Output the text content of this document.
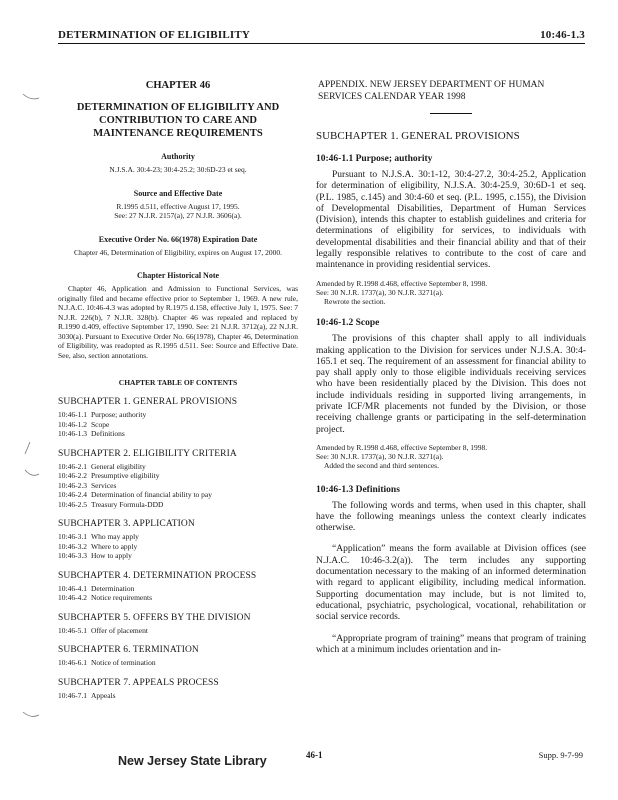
DETERMINATION OF ELIGIBILITY	10:46-1.3
CHAPTER 46
DETERMINATION OF ELIGIBILITY AND CONTRIBUTION TO CARE AND MAINTENANCE REQUIREMENTS
Authority
N.J.S.A. 30:4-23; 30:4-25.2; 30:6D-23 et seq.
Source and Effective Date
R.1995 d.511, effective August 17, 1995.
See: 27 N.J.R. 2157(a), 27 N.J.R. 3606(a).
Executive Order No. 66(1978) Expiration Date
Chapter 46, Determination of Eligibility, expires on August 17, 2000.
Chapter Historical Note
Chapter 46, Application and Admission to Functional Services, was originally filed and became effective prior to September 1, 1969. A new rule, N.J.A.C. 10:46-4.3 was adopted by R.1975 d.158, effective July 1, 1975. See: 7 N.J.R. 226(b), 7 N.J.R. 328(b). Chapter 46 was repealed and replaced by R.1990 d.409, effective September 17, 1990. See: 21 N.J.R. 3712(a), 22 N.J.R. 3030(a). Pursuant to Executive Order No. 66(1978), Chapter 46, Determination of Eligibility, was readopted as R.1995 d.511. See: Source and Effective Date. See, also, section annotations.
CHAPTER TABLE OF CONTENTS
SUBCHAPTER 1. GENERAL PROVISIONS
10:46-1.1 Purpose; authority
10:46-1.2 Scope
10:46-1.3 Definitions
SUBCHAPTER 2. ELIGIBILITY CRITERIA
10:46-2.1 General eligibility
10:46-2.2 Presumptive eligibility
10:46-2.3 Services
10:46-2.4 Determination of financial ability to pay
10:46-2.5 Treasury Formula-DDD
SUBCHAPTER 3. APPLICATION
10:46-3.1 Who may apply
10:46-3.2 Where to apply
10:46-3.3 How to apply
SUBCHAPTER 4. DETERMINATION PROCESS
10:46-4.1 Determination
10:46-4.2 Notice requirements
SUBCHAPTER 5. OFFERS BY THE DIVISION
10:46-5.1 Offer of placement
SUBCHAPTER 6. TERMINATION
10:46-6.1 Notice of termination
SUBCHAPTER 7. APPEALS PROCESS
10:46-7.1 Appeals
APPENDIX. NEW JERSEY DEPARTMENT OF HUMAN SERVICES CALENDAR YEAR 1998
SUBCHAPTER 1. GENERAL PROVISIONS
10:46-1.1 Purpose; authority

Pursuant to N.J.S.A. 30:1-12, 30:4-27.2, 30:4-25.2, Application for determination of eligibility, N.J.S.A. 30:4-25.9, 30:6D-1 et seq. (P.L. 1985, c.145) and 30:4-60 et seq. (P.L. 1995, c.155), the Division of Developmental Disabilities, Department of Human Services (Division), intends this chapter to establish guidelines and criteria for determinations of eligibility for services, to individuals with developmental disabilities and their financial ability and that of their legally responsible relatives to contribute to the cost of care and maintenance in providing residential services.

Amended by R.1998 d.468, effective September 8, 1998.
See: 30 N.J.R. 1737(a), 30 N.J.R. 3271(a).
Rewrote the section.
10:46-1.2 Scope

The provisions of this chapter shall apply to all individuals making application to the Division for services under N.J.S.A. 30:4-165.1 et seq. The requirement of an assessment for financial ability to pay shall apply only to those eligible individuals receiving services who have been residentially placed by the Division. This does not include individuals residing in supported living arrangements, in private ICF/MR placements not funded by the Division, or those receiving challenge grants or participating in the self-determination project.

Amended by R.1998 d.468, effective September 8, 1998.
See: 30 N.J.R. 1737(a), 30 N.J.R. 3271(a).
Added the second and third sentences.
10:46-1.3 Definitions

The following words and terms, when used in this chapter, shall have the following meanings unless the context clearly indicates otherwise.

“Application” means the form available at Division offices (see N.J.A.C. 10:46-3.2(a)). The term includes any supporting documentation necessary to the making of an informed determination with regard to applicant eligibility, including medical information. Supporting documentation may include, but is not limited to, educational, psychiatric, psychological, vocational, rehabilitation or social service records.

“Appropriate program of training” means that program of training which at a minimum includes orientation and in-

New Jersey State Library	46-1	Supp. 9-7-99
